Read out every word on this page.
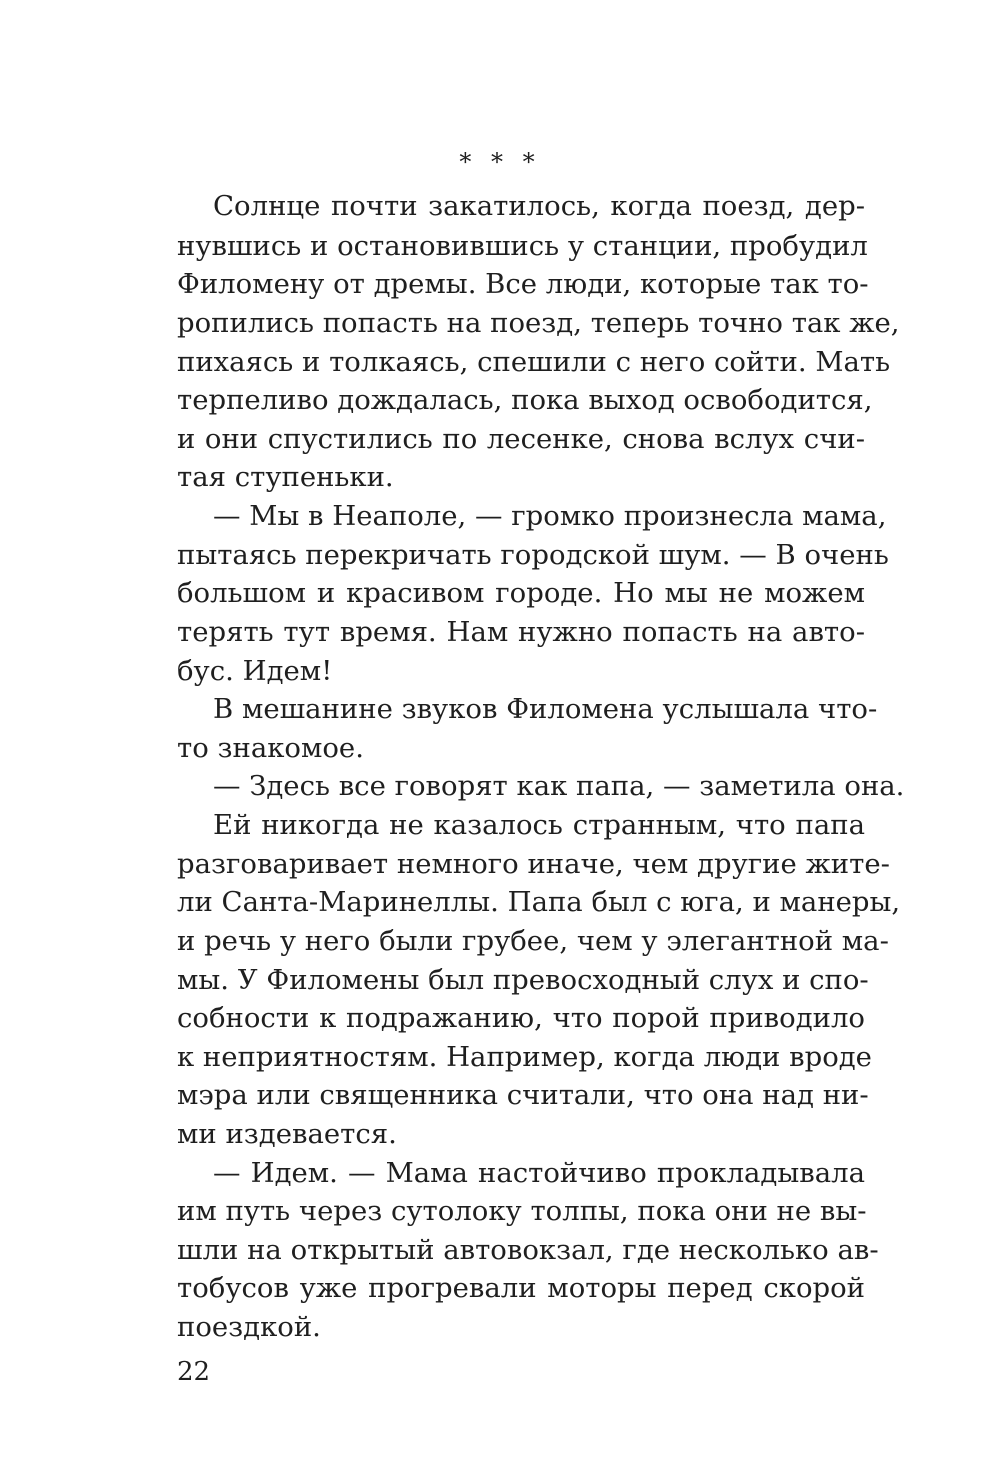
* * *
Солнце почти закатилось, когда поезд, дер-
нувшись и остановившись у станции, пробудил
Филомену от дремы. Все люди, которые так то-
ропились попасть на поезд, теперь точно так же,
пихаясь и толкаясь, спешили с него сойти. Мать
терпеливо дождалась, пока выход освободится,
и они спустились по лесенке, снова вслух счи-
тая ступеньки.
— Мы в Неаполе, — громко произнесла мама,
пытаясь перекричать городской шум. — В очень
большом и красивом городе. Но мы не можем
терять тут время. Нам нужно попасть на авто-
бус. Идем!
В мешанине звуков Филомена услышала что-
то знакомое.
— Здесь все говорят как папа, — заметила она.
Ей никогда не казалось странным, что папа
разговаривает немного иначе, чем другие жите-
ли Санта-Маринеллы. Папа был с юга, и манеры,
и речь у него были грубее, чем у элегантной ма-
мы. У Филомены был превосходный слух и спо-
собности к подражанию, что порой приводило
к неприятностям. Например, когда люди вроде
мэра или священника считали, что она над ни-
ми издевается.
— Идем. — Мама настойчиво прокладывала
им путь через сутолоку толпы, пока они не вы-
шли на открытый автовокзал, где несколько ав-
тобусов уже прогревали моторы перед скорой
поездкой.
22
